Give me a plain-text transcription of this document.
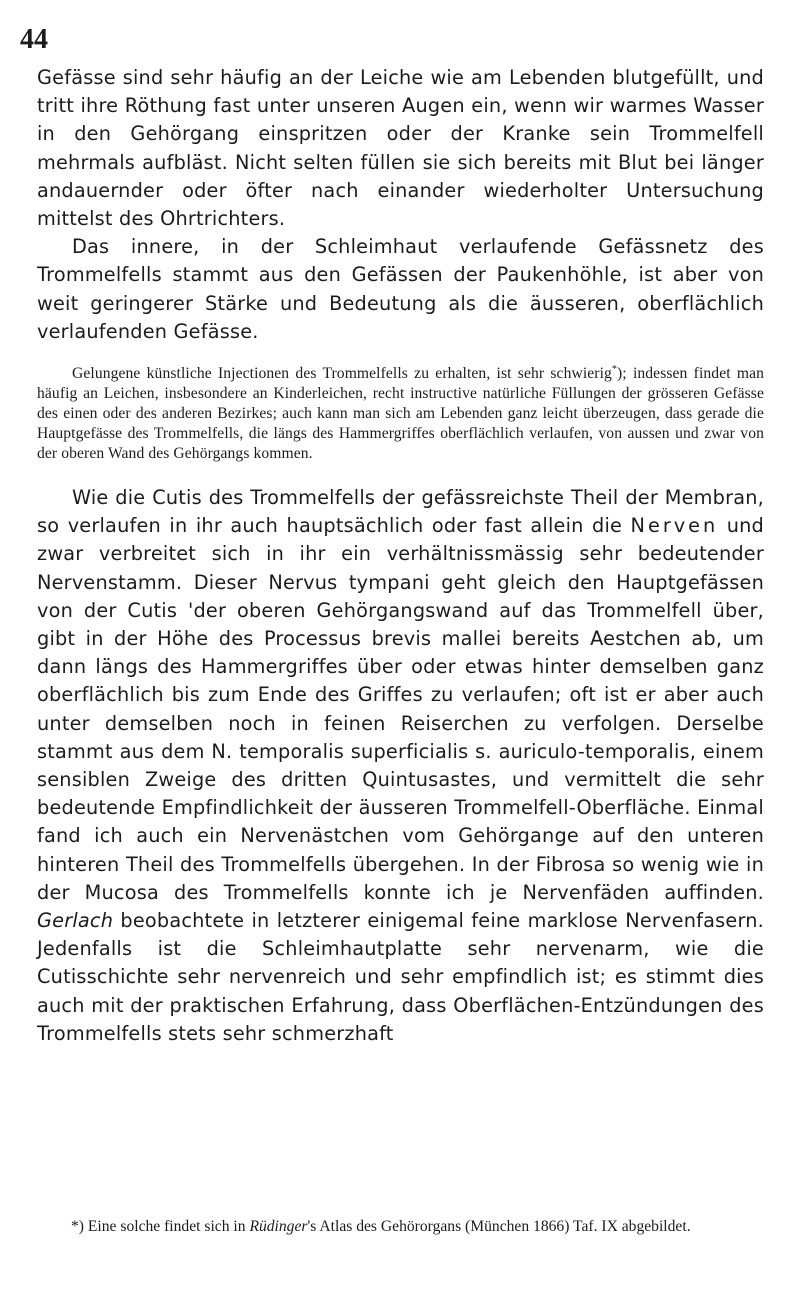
44

Gefässe sind sehr häufig an der Leiche wie am Lebenden blutgefüllt, und tritt ihre Röthung fast unter unseren Augen ein, wenn wir warmes Wasser in den Gehörgang einspritzen oder der Kranke sein Trommelfell mehrmals aufbläst. Nicht selten füllen sie sich bereits mit Blut bei länger andauernder oder öfter nach einander wiederholter Untersuchung mittelst des Ohrtrichters.

Das innere, in der Schleimhaut verlaufende Gefässnetz des Trommelfells stammt aus den Gefässen der Paukenhöhle, ist aber von weit geringerer Stärke und Bedeutung als die äusseren, oberflächlich verlaufenden Gefässe.

Gelungene künstliche Injectionen des Trommelfells zu erhalten, ist sehr schwierig*); indessen findet man häufig an Leichen, insbesondere an Kinderleichen, recht instructive natürliche Füllungen der grösseren Gefässe des einen oder des anderen Bezirkes; auch kann man sich am Lebenden ganz leicht überzeugen, dass gerade die Hauptgefässe des Trommelfells, die längs des Hammergriffes oberflächlich verlaufen, von aussen und zwar von der oberen Wand des Gehörgangs kommen.

Wie die Cutis des Trommelfells der gefässreichste Theil der Membran, so verlaufen in ihr auch hauptsächlich oder fast allein die Nerven und zwar verbreitet sich in ihr ein verhältnissmässig sehr bedeutender Nervenstamm. Dieser Nervus tympani geht gleich den Hauptgefässen von der Cutis 'der oberen Gehörgangswand auf das Trommelfell über, gibt in der Höhe des Processus brevis mallei bereits Aestchen ab, um dann längs des Hammergriffes über oder etwas hinter demselben ganz oberflächlich bis zum Ende des Griffes zu verlaufen; oft ist er aber auch unter demselben noch in feinen Reiserchen zu verfolgen. Derselbe stammt aus dem N. temporalis superficialis s. auriculo-temporalis, einem sensiblen Zweige des dritten Quintusastes, und vermittelt die sehr bedeutende Empfindlichkeit der äusseren Trommelfell-Oberfläche. Einmal fand ich auch ein Nervenästchen vom Gehörgange auf den unteren hinteren Theil des Trommelfells übergehen. In der Fibrosa so wenig wie in der Mucosa des Trommelfells konnte ich je Nervenfäden auffinden. Gerlach beobachtete in letzterer einigemal feine marklose Nervenfasern. Jedenfalls ist die Schleimhautplatte sehr nervenarm, wie die Cutisschichte sehr nervenreich und sehr empfindlich ist; es stimmt dies auch mit der praktischen Erfahrung, dass Oberflächen-Entzündungen des Trommelfells stets sehr schmerzhaft

*) Eine solche findet sich in Rüdinger's Atlas des Gehörorgans (München 1866) Taf. IX abgebildet.
